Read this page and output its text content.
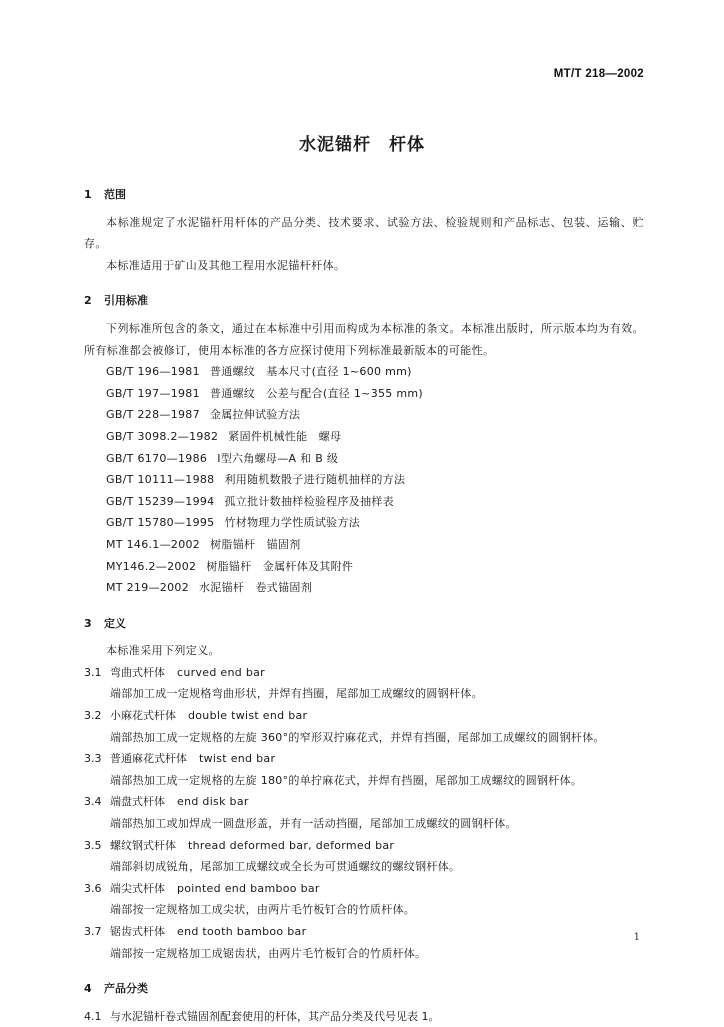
MT/T 218—2002
水泥锚杆　杆体
1 范围
本标准规定了水泥锚杆用杆体的产品分类、技术要求、试验方法、检验规则和产品标志、包装、运输、贮存。
本标准适用于矿山及其他工程用水泥锚杆杆体。
2 引用标准
下列标准所包含的条文，通过在本标准中引用而构成为本标准的条文。本标准出版时，所示版本均为有效。所有标准都会被修订，使用本标准的各方应探讨使用下列标准最新版本的可能性。
GB/T 196—1981 普通螺纹　基本尺寸(直径 1~600 mm)
GB/T 197—1981 普通螺纹　公差与配合(直径 1~355 mm)
GB/T 228—1987 金属拉伸试验方法
GB/T 3098.2—1982 紧固件机械性能　螺母
GB/T 6170—1986 Ⅰ型六角螺母—A 和 B 级
GB/T 10111—1988 利用随机数骰子进行随机抽样的方法
GB/T 15239—1994 孤立批计数抽样检验程序及抽样表
GB/T 15780—1995 竹材物理力学性质试验方法
MT 146.1—2002 树脂锚杆　锚固剂
MY146.2—2002 树脂锚杆　金属杆体及其附件
MT 219—2002 水泥锚杆　卷式锚固剂
3 定义
本标准采用下列定义。
3.1 弯曲式杆体 curved end bar
端部加工成一定规格弯曲形状，并焊有挡圈，尾部加工成螺纹的圆钢杆体。
3.2 小麻花式杆体 double twist end bar
端部热加工成一定规格的左旋 360°的窄形双拧麻花式，并焊有挡圈，尾部加工成螺纹的圆钢杆体。
3.3 普通麻花式杆体 twist end bar
端部热加工成一定规格的左旋 180°的单拧麻花式，并焊有挡圈，尾部加工成螺纹的圆钢杆体。
3.4 端盘式杆体 end disk bar
端部热加工或加焊成一圆盘形盖，并有一活动挡圈，尾部加工成螺纹的圆钢杆体。
3.5 螺纹钢式杆体 thread deformed bar, deformed bar
端部斜切成锐角，尾部加工成螺纹或全长为可贯通螺纹的螺纹钢杆体。
3.6 端尖式杆体 pointed end bamboo bar
端部按一定规格加工成尖状，由两片毛竹板钉合的竹质杆体。
3.7 锯齿式杆体 end tooth bamboo bar
端部按一定规格加工成锯齿状，由两片毛竹板钉合的竹质杆体。
4 产品分类
4.1 与水泥锚杆卷式锚固剂配套使用的杆体，其产品分类及代号见表 1。
1
